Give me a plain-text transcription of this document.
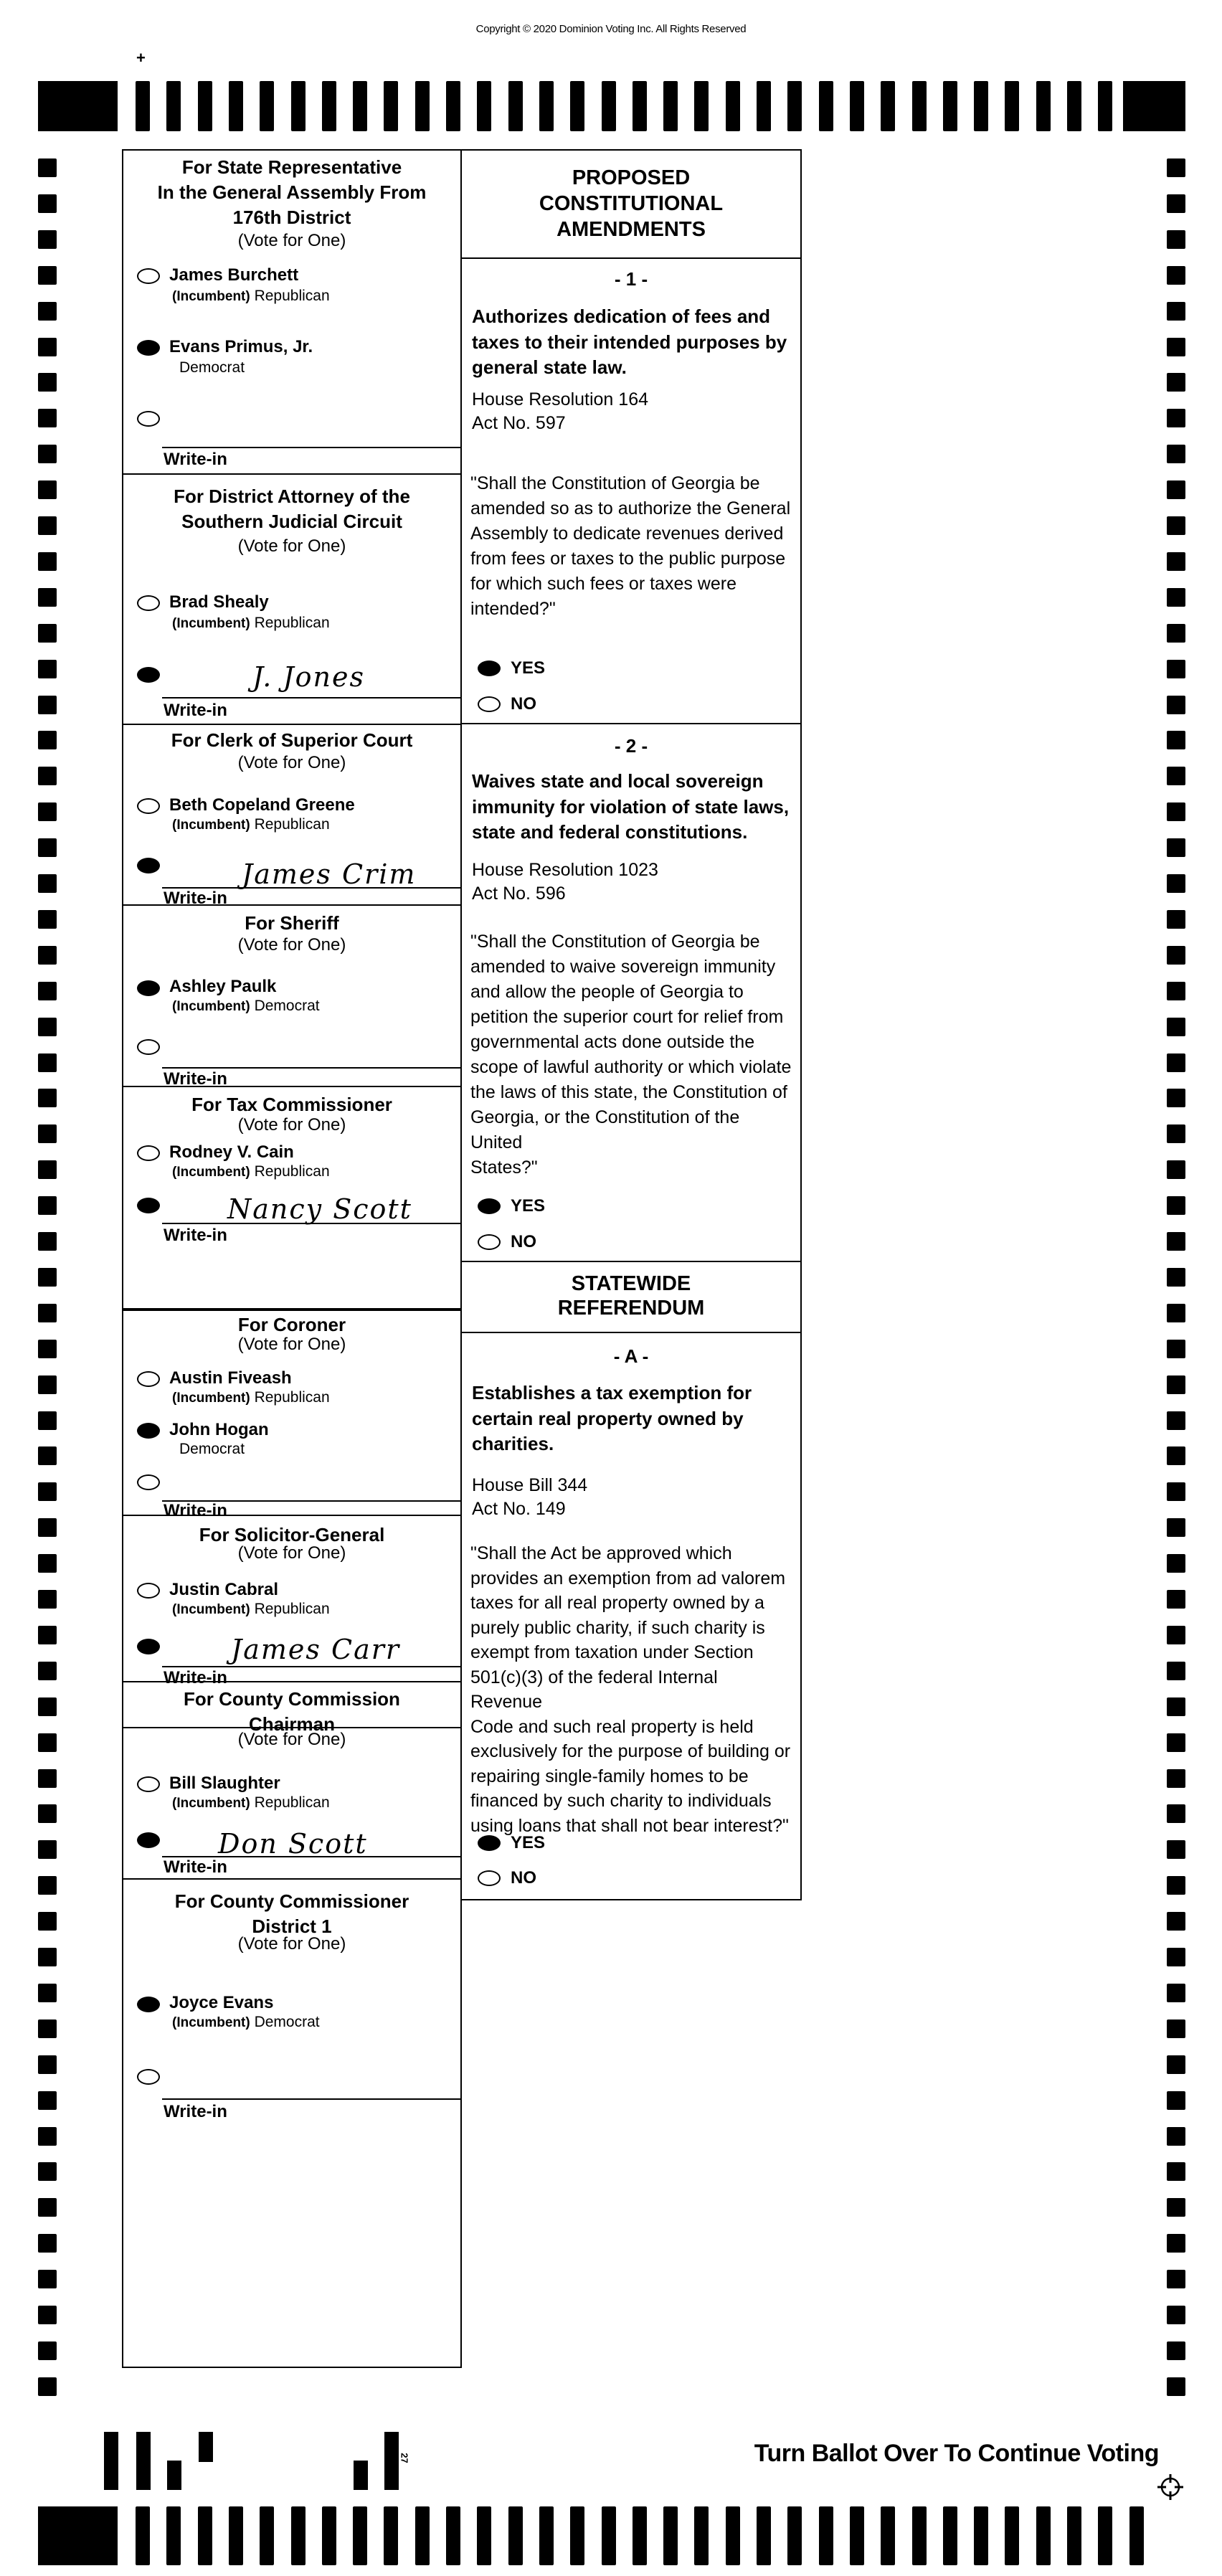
Copyright © 2020 Dominion Voting Inc. All Rights Reserved
+
For State Representative
In the General Assembly From
176th District
(Vote for One)
James Burchett
(Incumbent) Republican
Evans Primus, Jr.
Democrat
Write-in
For District Attorney of the
Southern Judicial Circuit
(Vote for One)
Brad Shealy
(Incumbent) Republican
J. Jones
Write-in
For Clerk of Superior Court
(Vote for One)
Beth Copeland Greene
(Incumbent) Republican
James Crim
Write-in
For Sheriff
(Vote for One)
Ashley Paulk
(Incumbent) Democrat
Write-in
For Tax Commissioner
(Vote for One)
Rodney V. Cain
(Incumbent) Republican
Nancy Scott
Write-in
For Coroner
(Vote for One)
Austin Fiveash
(Incumbent) Republican
John Hogan
Democrat
Write-in
For Solicitor-General
(Vote for One)
Justin Cabral
(Incumbent) Republican
James Carr
Write-in
For County Commission
Chairman
(Vote for One)
Bill Slaughter
(Incumbent) Republican
Don Scott
Write-in
For County Commissioner
District 1
(Vote for One)
Joyce Evans
(Incumbent) Democrat
Write-in
PROPOSED
CONSTITUTIONAL
AMENDMENTS
- 1 -
Authorizes dedication of fees and
taxes to their intended purposes by
general state law.
House Resolution 164
Act No. 597
"Shall the Constitution of Georgia be
amended so as to authorize the General
Assembly to dedicate revenues derived
from fees or taxes to the public purpose
for which such fees or taxes were
intended?"
YES
NO
- 2 -
Waives state and local sovereign
immunity for violation of state laws,
state and federal constitutions.
House Resolution 1023
Act No. 596
"Shall the Constitution of Georgia be
amended to waive sovereign immunity
and allow the people of Georgia to
petition the superior court for relief from
governmental acts done outside the
scope of lawful authority or which violate
the laws of this state, the Constitution of
Georgia, or the Constitution of the United
States?"
YES
NO
STATEWIDE
REFERENDUM
- A -
Establishes a tax exemption for
certain real property owned by
charities.
House Bill 344
Act No. 149
"Shall the Act be approved which
provides an exemption from ad valorem
taxes for all real property owned by a
purely public charity, if such charity is
exempt from taxation under Section
501(c)(3) of the federal Internal Revenue
Code and such real property is held
exclusively for the purpose of building or
repairing single-family homes to be
financed by such charity to individuals
using loans that shall not bear interest?"
YES
NO
27	Turn Ballot Over To Continue Voting
